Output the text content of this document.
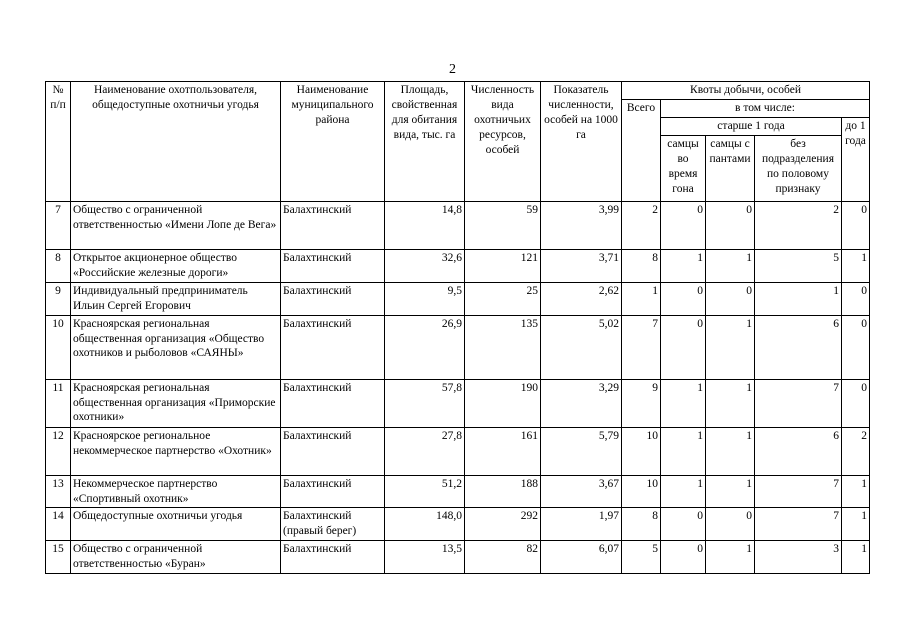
2
№ п/п	Наименование охотпользователя, общедоступные охотничьи угодья	Наименование муниципального района	Площадь, свойственная для обитания вида, тыс. га	Численность вида охотничьих ресурсов, особей	Показатель численности, особей на 1000 га	Квоты добычи, особей				
						Всего	в том числе:			
							старше 1 года			до 1 года
							самцы во время гона	самцы с пантами	без подразделения по половому признаку	
7	Общество с ограниченной ответственностью «Имени Лопе де Вега»	Балахтинский	14,8	59	3,99	2	0	0	2	0
8	Открытое акционерное общество «Российские железные дороги»	Балахтинский	32,6	121	3,71	8	1	1	5	1
9	Индивидуальный предприниматель Ильин Сергей Егорович	Балахтинский	9,5	25	2,62	1	0	0	1	0
10	Красноярская региональная общественная организация «Общество охотников и рыболовов «САЯНЫ»	Балахтинский	26,9	135	5,02	7	0	1	6	0
11	Красноярская региональная общественная организация «Приморские охотники»	Балахтинский	57,8	190	3,29	9	1	1	7	0
12	Красноярское региональное некоммерческое партнерство «Охотник»	Балахтинский	27,8	161	5,79	10	1	1	6	2
13	Некоммерческое партнерство «Спортивный охотник»	Балахтинский	51,2	188	3,67	10	1	1	7	1
14	Общедоступные охотничьи угодья	Балахтинский (правый берег)	148,0	292	1,97	8	0	0	7	1
15	Общество с ограниченной ответственностью «Буран»	Балахтинский	13,5	82	6,07	5	0	1	3	1
